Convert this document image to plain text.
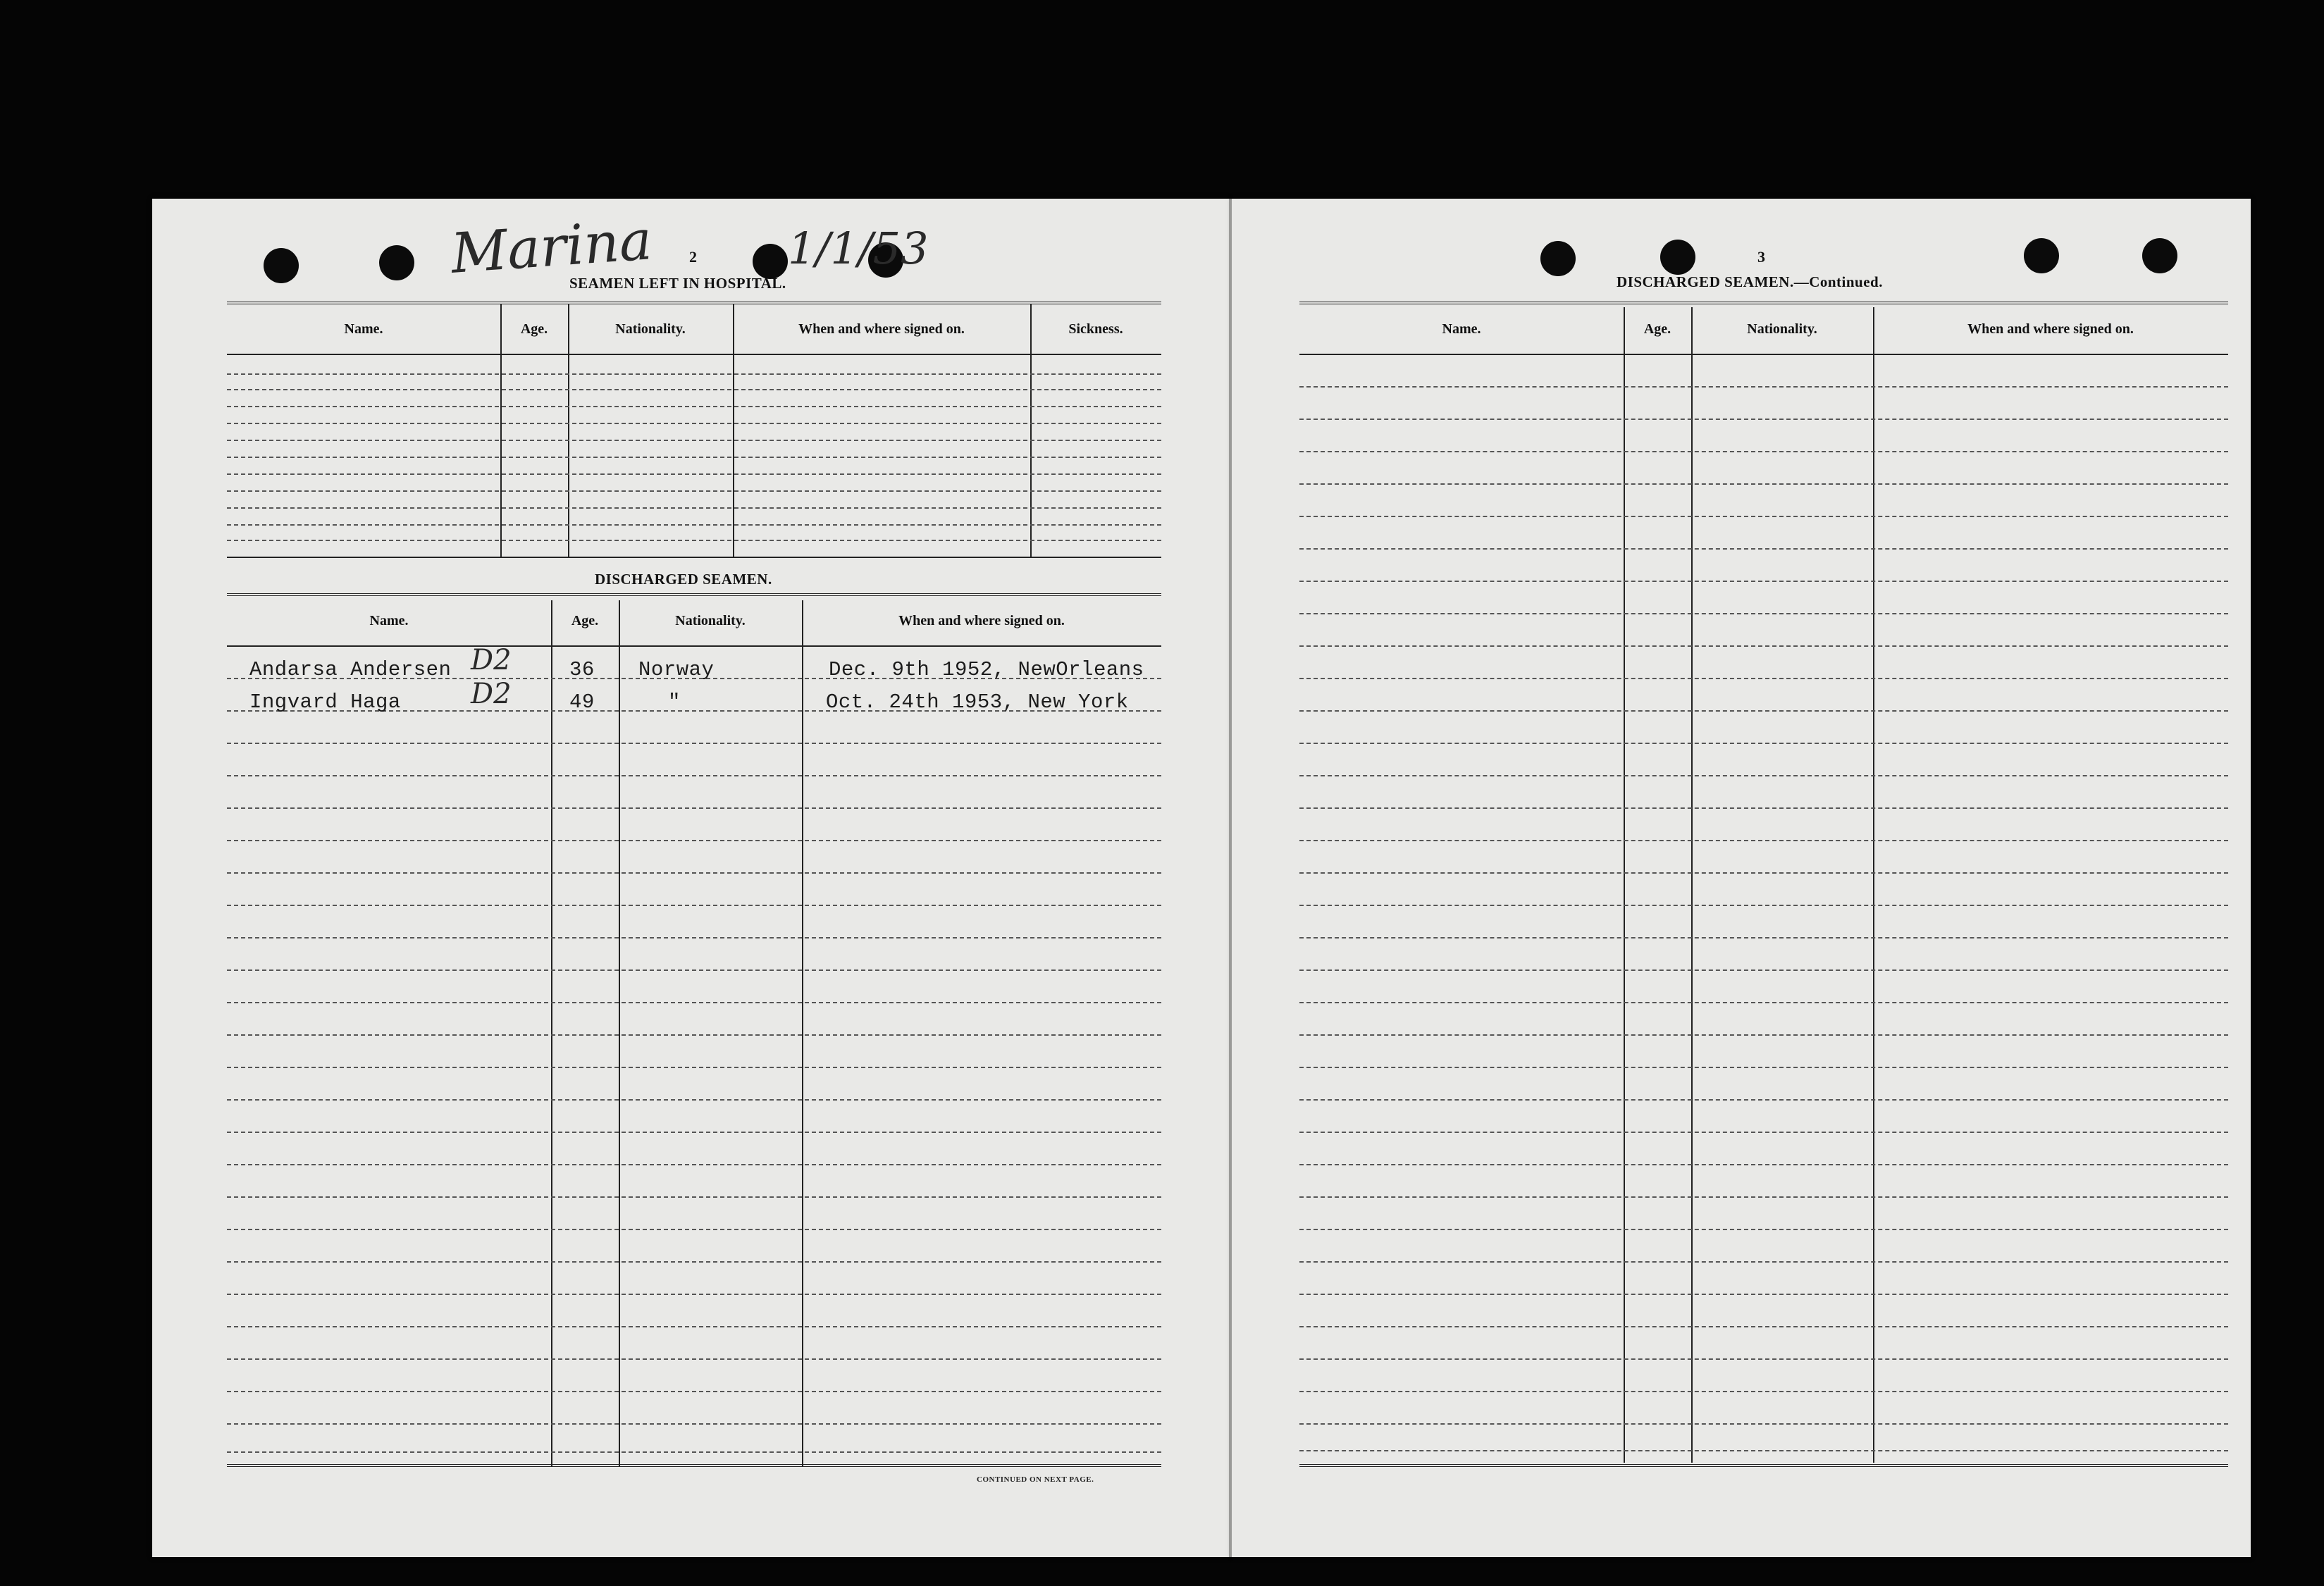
Marina	1/1/53
2
SEAMEN LEFT IN HOSPITAL.
Name.	Age.	Nationality.	When and where signed on.	Sickness.
DISCHARGED SEAMEN.
Name.	Age.	Nationality.	When and where signed on.
Andarsa Andersen D2	36 Norway	Dec. 9th 1952, NewOrleans
Ingvard Haga D2	49	"	Oct. 24th 1953, New York
CONTINUED ON NEXT PAGE.
3
DISCHARGED SEAMEN.—Continued.
Name.	Age.	Nationality.	When and where signed on.
